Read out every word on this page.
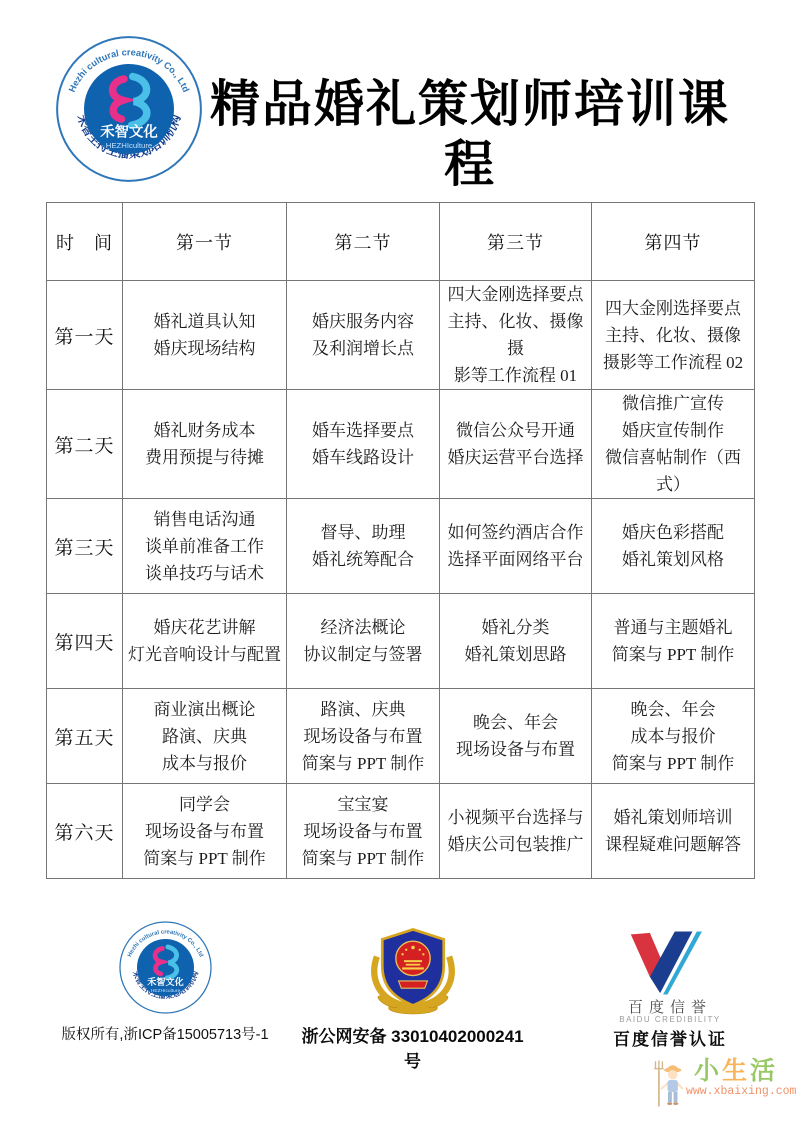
精品婚礼策划师培训课程
时　间	第一节	第二节	第三节	第四节
第一天	
婚礼道具认知
婚庆现场结构

婚庆服务内容
及利润增长点

四大金刚选择要点
主持、化妆、摄像摄
影等工作流程 01

四大金刚选择要点
主持、化妆、摄像
摄影等工作流程 02

第二天	
婚礼财务成本
费用预提与待摊

婚车选择要点
婚车线路设计

微信公众号开通
婚庆运营平台选择

微信推广宣传
婚庆宣传制作
微信喜帖制作（西式）

第三天	
销售电话沟通
谈单前准备工作
谈单技巧与话术

督导、助理
婚礼统筹配合

如何签约酒店合作
选择平面网络平台

婚庆色彩搭配
婚礼策划风格

第四天	
婚庆花艺讲解
灯光音响设计与配置

经济法概论
协议制定与签署

婚礼分类
婚礼策划思路

普通与主题婚礼
简案与 PPT 制作

第五天	
商业演出概论
路演、庆典
成本与报价

路演、庆典
现场设备与布置
简案与 PPT 制作

晚会、年会
现场设备与布置

晚会、年会
成本与报价
简案与 PPT 制作

第六天	
同学会
现场设备与布置
简案与 PPT 制作

宝宝宴
现场设备与布置
简案与 PPT 制作

小视频平台选择与
婚庆公司包装推广

婚礼策划师培训
课程疑难问题解答
版权所有,浙ICP备15005713号-1	浙公网安备 33010402000241号
百度信誉
BAIDU CREDIBILITY
百度信誉认证
小生活
www.xbaixing.com
